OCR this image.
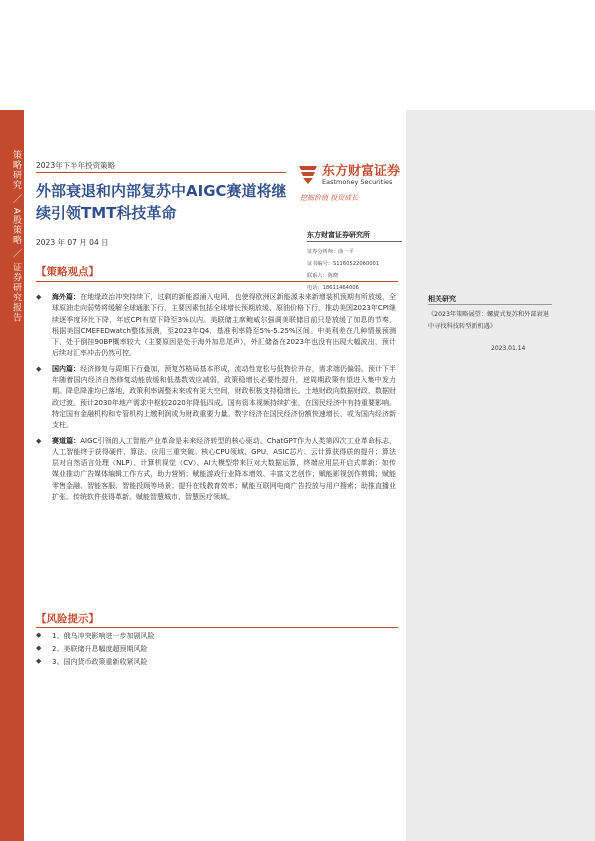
策略研究 ／ A股策略 ／ 证券研究报告 2023年下半年投资策略
外部衰退和内部复苏中AIGC赛道将继续引领TMT科技革命
2023 年 07 月 04 日
【策略观点】
◆	海外篇：在地缘政治冲突持续下，过剩的新能源涌入电网，也使得欧洲区新能源未来新增装机预期有所放缓，全球原油走向弱势将缓解全球通胀下行，主要因素包括全球增长预期放缓、原油价格下行，推动美国2023年CPI继续逐季度环比下降，年底CPI有望下降至3%以内。美联储主席鲍威尔强调美联储目前只是放缓了加息的节奏，根据美国CMEFEDwatch整体预测，至2023年Q4，基准利率降至5%-5.25%区间。中美利差在几种情景预测下，处于倒挂90BP概率较大（主要原因是处于海外加息尾声），外汇储备在2023年也没有出现大幅波出，预计后续对汇率冲击仍然可控。
◆	国内篇：经济修复与周期下行叠加，预复苏格局基本形成，流动性宽松与低物价并存，需求端仍偏弱。预计下半年随着国内经济自然修复动能放缓和低基数效应减弱，政策稳增长必要性提升，逆周期政策有望进入集中发力期。降息降准均已落地，政策利率调整未来或有更大空间，财政积极支持稳增长。土地财政向数据财政、数据财政过渡。预计2030年地产需求中枢较2020年降低四成。国有资本视频持续扩张，在国民经济中有持重要影响。特定国有金融机构和专管机构上缴利润或为财政重要力量。数字经济在国民经济份额快速增长，或为国内经济新支柱。
◆	赛道篇：AIGC引领的人工智能产业革命是未来经济转型的核心驱动。ChatGPT作为人类第四次工业革命标志，人工智能终于获得硬件、算法、应用三重突破。核心CPU领域、GPU、ASIC芯片、云计算获得质的提升；算法层对自然语言处理（NLP）、计算机视觉（CV）、AI大模型带来巨对大数据运算，终端应用层开启式革新：如传媒业推动广告媒体编辑工作方式，助力营销；赋能游戏行业降本增效、丰富文艺创作；赋能影视创作剪辑；赋能零售金融、智能客服、智能投顾等场景；提升在线教育效率；赋能互联网电商广告投放与用户搜索；助推直播业扩张。传统软件获得革新。赋能智慧城市、智慧医疗领域。
【风险提示】
◆	1、俄乌冲突影响进一步加剧风险
◆	2、美联储升息幅度超预期风险
◆	3、国内货币政策重新收紧风险
东方财富证券
Eastmoney Securities
挖掘价值 投资成长
东方财富证券研究所
证券分析师：曲一平
证书编号：S1160522060001
联系人：陈晓
电话：18611464006
相关研究
《2023年策略展望：螺旋式复苏和外部衰退中寻找科技转型新机遇》
2023.01.14
